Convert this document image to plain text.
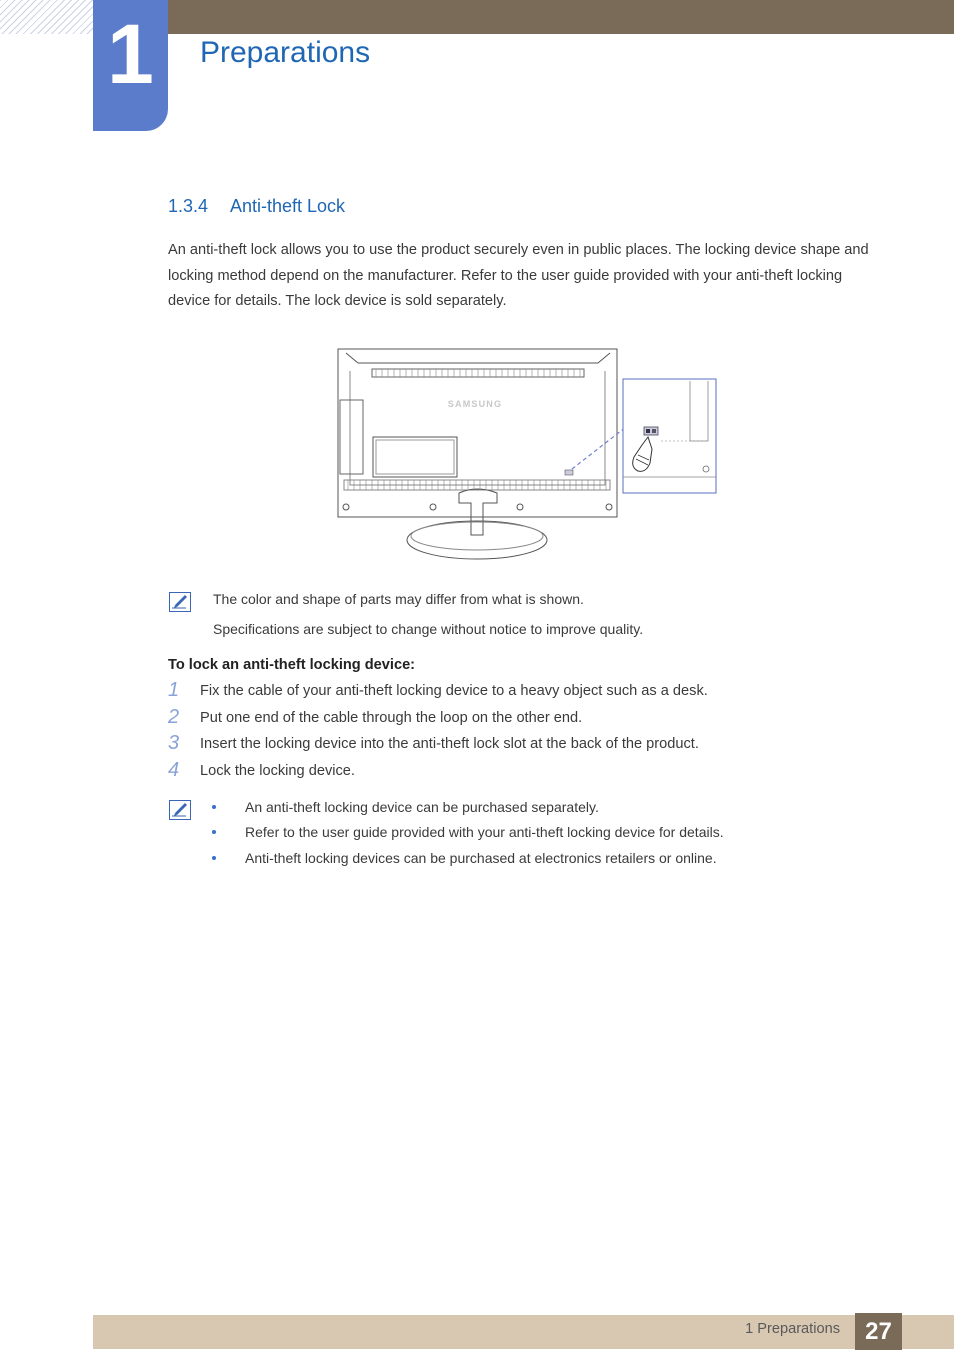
1	Preparations
1.3.4 Anti-theft Lock
An anti-theft lock allows you to use the product securely even in public places. The locking device shape and locking method depend on the manufacturer. Refer to the user guide provided with your anti-theft locking device for details. The lock device is sold separately.
SAMSUNG
The color and shape of parts may differ from what is shown.
Specifications are subject to change without notice to improve quality.
To lock an anti-theft locking device:
1 Fix the cable of your anti-theft locking device to a heavy object such as a desk.
2 Put one end of the cable through the loop on the other end.
3 Insert the locking device into the anti-theft lock slot at the back of the product.
4 Lock the locking device.
An anti-theft locking device can be purchased separately.
Refer to the user guide provided with your anti-theft locking device for details.
Anti-theft locking devices can be purchased at electronics retailers or online.
1 Preparations	27
